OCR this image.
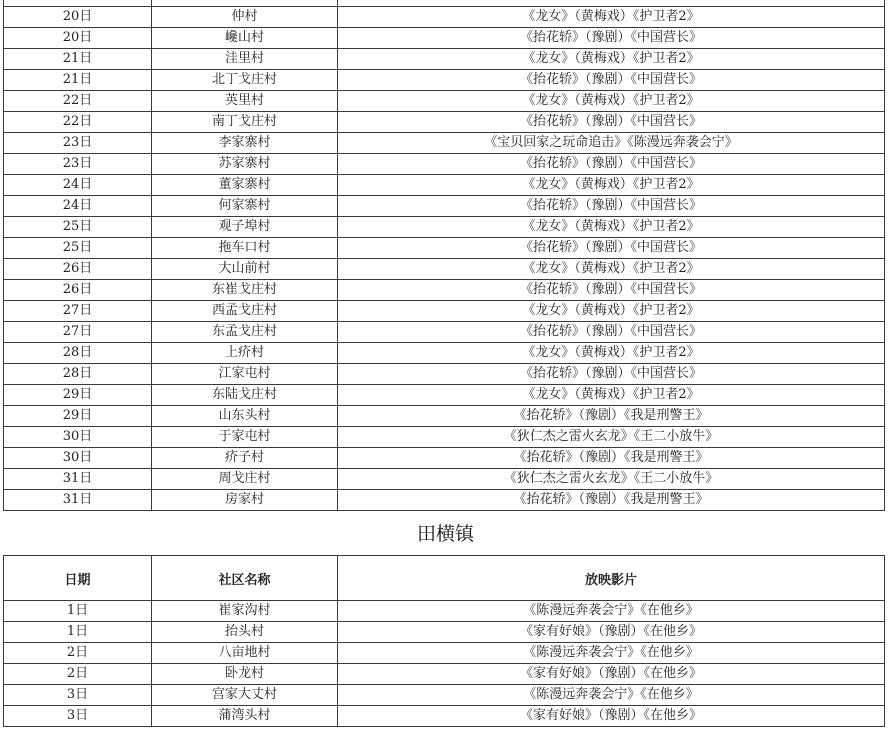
20日	仲村	《龙女》（黄梅戏）《护卫者2》
20日	巉山村	《抬花轿》（豫剧）《中国营长》
21日	洼里村	《龙女》（黄梅戏）《护卫者2》
21日	北丁戈庄村	《抬花轿》（豫剧）《中国营长》
22日	英里村	《龙女》（黄梅戏）《护卫者2》
22日	南丁戈庄村	《抬花轿》（豫剧）《中国营长》
23日	李家寨村	《宝贝回家之玩命追击》《陈漫远奔袭会宁》
23日	苏家寨村	《抬花轿》（豫剧）《中国营长》
24日	董家寨村	《龙女》（黄梅戏）《护卫者2》
24日	何家寨村	《抬花轿》（豫剧）《中国营长》
25日	观子埠村	《龙女》（黄梅戏）《护卫者2》
25日	拖车口村	《抬花轿》（豫剧）《中国营长》
26日	大山前村	《龙女》（黄梅戏）《护卫者2》
26日	东崔戈庄村	《抬花轿》（豫剧）《中国营长》
27日	西孟戈庄村	《龙女》（黄梅戏）《护卫者2》
27日	东孟戈庄村	《抬花轿》（豫剧）《中国营长》
28日	上疥村	《龙女》（黄梅戏）《护卫者2》
28日	江家屯村	《抬花轿》（豫剧）《中国营长》
29日	东陆戈庄村	《龙女》（黄梅戏）《护卫者2》
29日	山东头村	《抬花轿》（豫剧）《我是刑警王》
30日	于家屯村	《狄仁杰之雷火玄龙》《王二小放牛》
30日	疥子村	《抬花轿》（豫剧）《我是刑警王》
31日	周戈庄村	《狄仁杰之雷火玄龙》《王二小放牛》
31日	房家村	《抬花轿》（豫剧）《我是刑警王》
田横镇
日期	社区名称	放映影片
1日	崔家沟村	《陈漫远奔袭会宁》《在他乡》
1日	抬头村	《家有好娘》（豫剧）《在他乡》
2日	八亩地村	《陈漫远奔袭会宁》《在他乡》
2日	卧龙村	《家有好娘》（豫剧）《在他乡》
3日	宫家大丈村	《陈漫远奔袭会宁》《在他乡》
3日	蒲湾头村	《家有好娘》（豫剧）《在他乡》
